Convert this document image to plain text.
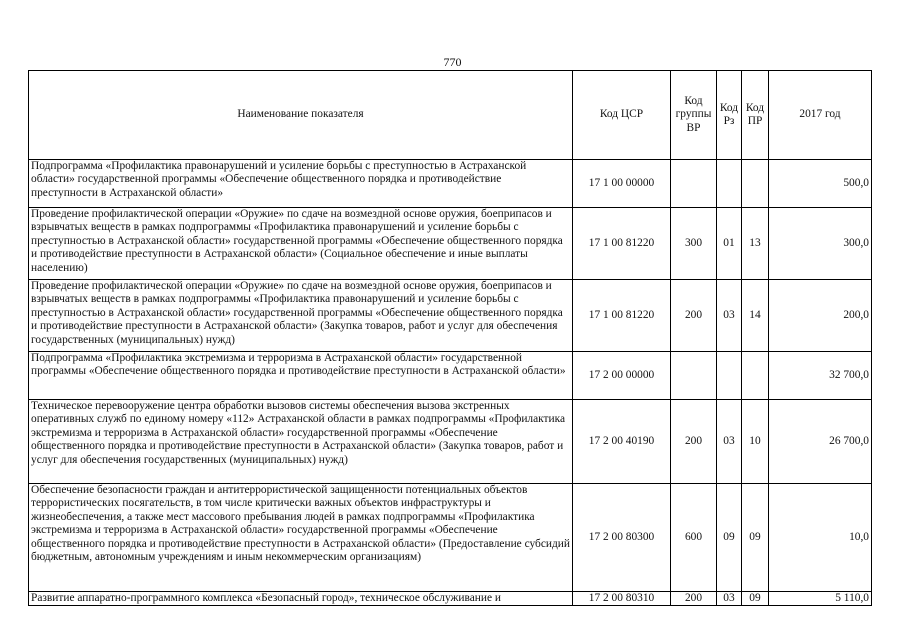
770
Наименование показателя	Код ЦСР	Код группы ВР	Код Рз	Код ПР	2017 год
Подпрограмма «Профилактика правонарушений и усиление борьбы с преступностью в Астраханской области» государственной программы «Обеспечение общественного порядка и противодействие преступности в Астраханской области»	17 1 00 00000				500,0
Проведение профилактической операции «Оружие» по сдаче на возмездной основе оружия, боеприпасов и взрывчатых веществ в рамках подпрограммы «Профилактика правонарушений и усиление борьбы с преступностью в Астраханской области» государственной программы «Обеспечение общественного порядка и противодействие преступности в Астраханской области» (Социальное обеспечение и иные выплаты населению)	17 1 00 81220	300	01	13	300,0
Проведение профилактической операции «Оружие» по сдаче на возмездной основе оружия, боеприпасов и взрывчатых веществ в рамках подпрограммы «Профилактика правонарушений и усиление борьбы с преступностью в Астраханской области» государственной программы «Обеспечение общественного порядка и противодействие преступности в Астраханской области» (Закупка товаров, работ и услуг для обеспечения государственных (муниципальных) нужд)	17 1 00 81220	200	03	14	200,0
Подпрограмма «Профилактика экстремизма и терроризма в Астраханской области» государственной программы «Обеспечение общественного порядка и противодействие преступности в Астраханской области»	17 2 00 00000				32 700,0
Техническое перевооружение центра обработки вызовов системы обеспечения вызова экстренных оперативных служб по единому номеру «112» Астраханской области в рамках подпрограммы «Профилактика экстремизма и терроризма в Астраханской области» государственной программы «Обеспечение общественного порядка и противодействие преступности в Астраханской области» (Закупка товаров, работ и услуг для обеспечения государственных (муниципальных) нужд)	17 2 00 40190	200	03	10	26 700,0
Обеспечение безопасности граждан и антитеррористической защищенности потенциальных объектов террористических посягательств, в том числе критически важных объектов инфраструктуры и жизнеобеспечения, а также мест массового пребывания людей в рамках подпрограммы «Профилактика экстремизма и терроризма в Астраханской области» государственной программы «Обеспечение общественного порядка и противодействие преступности в Астраханской области» (Предоставление субсидий бюджетным, автономным учреждениям и иным некоммерческим организациям)	17 2 00 80300	600	09	09	10,0
Развитие аппаратно-программного комплекса «Безопасный город», техническое обслуживание и	17 2 00 80310	200	03	09	5 110,0
